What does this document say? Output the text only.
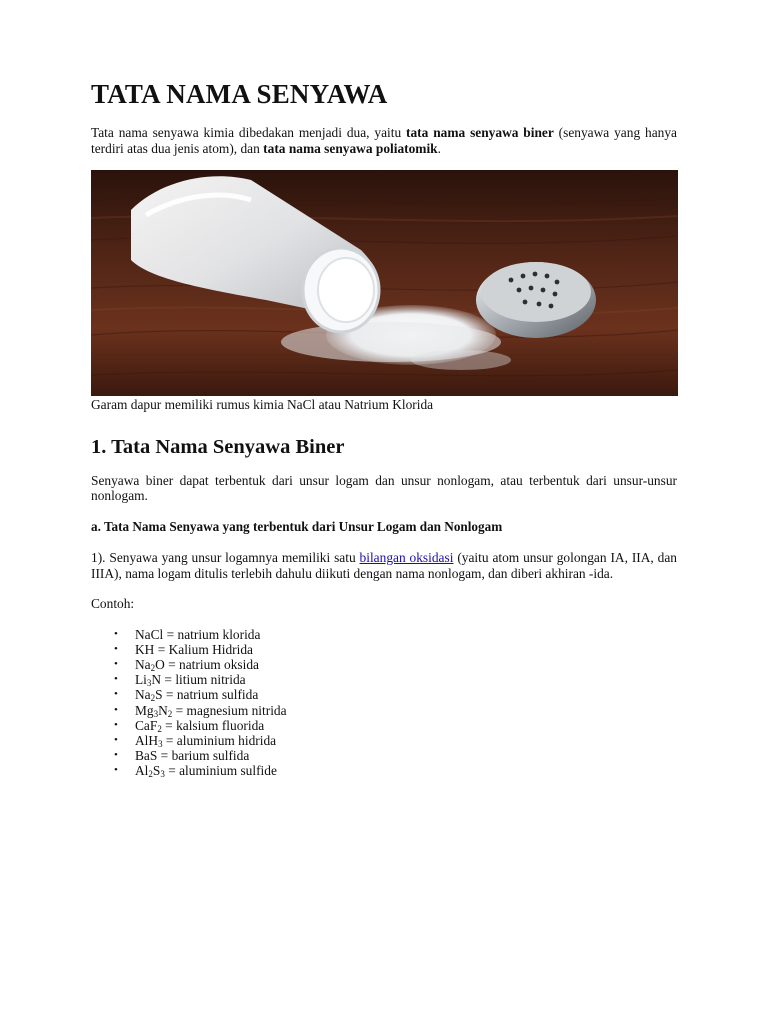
TATA NAMA SENYAWA

Tata nama senyawa kimia dibedakan menjadi dua, yaitu tata nama senyawa biner (senyawa yang hanya terdiri atas dua jenis atom), dan tata nama senyawa poliatomik.

Garam dapur memiliki rumus kimia NaCl atau Natrium Klorida

1. Tata Nama Senyawa Biner

Senyawa biner dapat terbentuk dari unsur logam dan unsur nonlogam, atau terbentuk dari unsur-unsur nonlogam.

a. Tata Nama Senyawa yang terbentuk dari Unsur Logam dan Nonlogam

1). Senyawa yang unsur logamnya memiliki satu bilangan oksidasi (yaitu atom unsur golongan IA, IIA, dan IIIA), nama logam ditulis terlebih dahulu diikuti dengan nama nonlogam, dan diberi akhiran -ida.

Contoh:

• NaCl = natrium klorida
• KH = Kalium Hidrida
• $Na_2O$ = natrium oksida
• $Li_3N$ = litium nitrida
• $Na_2S$ = natrium sulfida
• $Mg_3N_2$ = magnesium nitrida
• CaF$_2$ = kalsium fluorida
• AlH$_3$ = aluminium hidrida
• BaS = barium sulfida
• $Al_2S_3$ = aluminium sulfide
